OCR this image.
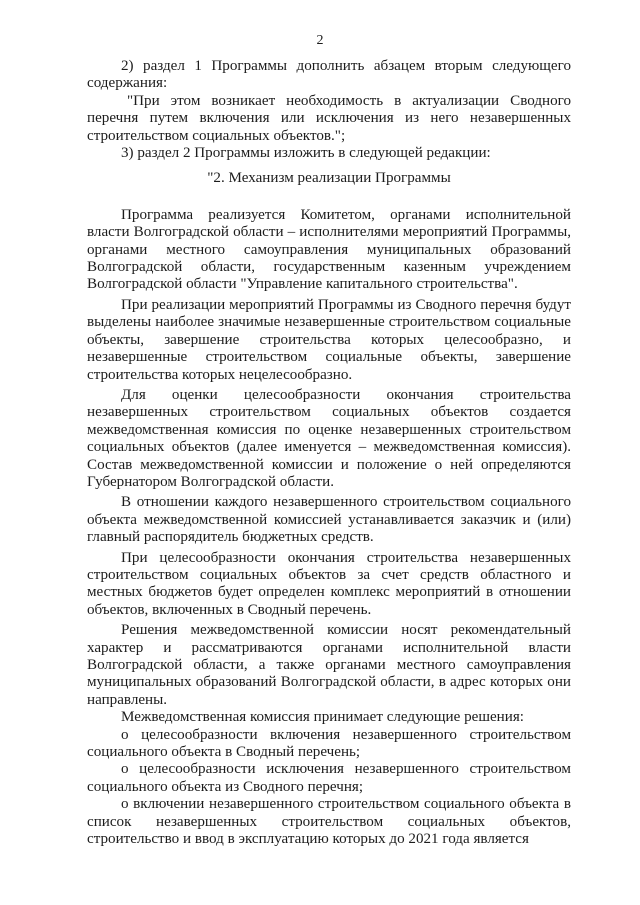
2

2) раздел 1 Программы дополнить абзацем вторым следующего содержания:

"При этом возникает необходимость в актуализации Сводного перечня путем включения или исключения из него незавершенных строительством социальных объектов.";

3) раздел 2 Программы изложить в следующей редакции:

"2. Механизм реализации Программы

Программа реализуется Комитетом, органами исполнительной власти Волгоградской области – исполнителями мероприятий Программы, органами местного самоуправления муниципальных образований Волгоградской области, государственным казенным учреждением Волгоградской области "Управление капитального строительства".

При реализации мероприятий Программы из Сводного перечня будут выделены наиболее значимые незавершенные строительством социальные объекты, завершение строительства которых целесообразно, и незавершенные строительством социальные объекты, завершение строительства которых нецелесообразно.

Для оценки целесообразности окончания строительства незавершенных строительством социальных объектов создается межведомственная комиссия по оценке незавершенных строительством социальных объектов (далее именуется – межведомственная комиссия). Состав межведомственной комиссии и положение о ней определяются Губернатором Волгоградской области.

В отношении каждого незавершенного строительством социального объекта межведомственной комиссией устанавливается заказчик и (или) главный распорядитель бюджетных средств.

При целесообразности окончания строительства незавершенных строительством социальных объектов за счет средств областного и местных бюджетов будет определен комплекс мероприятий в отношении объектов, включенных в Сводный перечень.

Решения межведомственной комиссии носят рекомендательный характер и рассматриваются органами исполнительной власти Волгоградской области, а также органами местного самоуправления муниципальных образований Волгоградской области, в адрес которых они направлены.

Межведомственная комиссия принимает следующие решения:

о целесообразности включения незавершенного строительством социального объекта в Сводный перечень;

о целесообразности исключения незавершенного строительством социального объекта из Сводного перечня;

о включении незавершенного строительством социального объекта в список незавершенных строительством социальных объектов, строительство и ввод в эксплуатацию которых до 2021 года является
